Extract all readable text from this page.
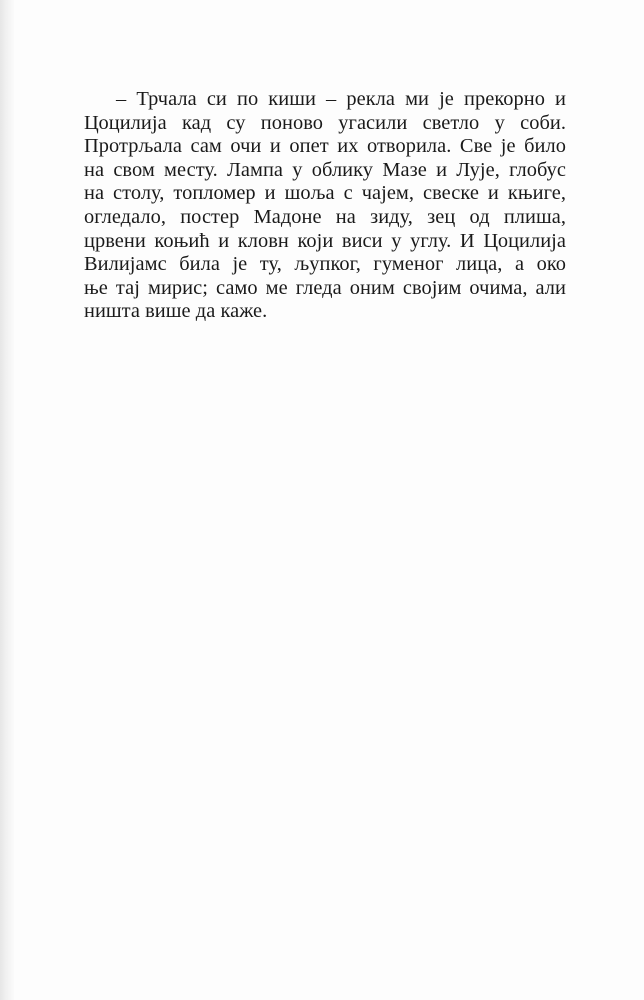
– Трчала си по киши – рекла ми је прекорно и
Цоцилија кад су поново угасили светло у соби.
Протрљала сам очи и опет их отворила. Све је било
на свом месту. Лампа у облику Мазе и Лује, глобус
на столу, топломер и шоља с чајем, свеске и књиге,
огледало, постер Мадоне на зиду, зец од плиша,
црвени коњић и кловн који виси у углу. И Цоцилија
Вилијамс била је ту, љупког, гуменог лица, а око
ње тај мирис; само ме гледа оним својим очима, али
ништа више да каже.
